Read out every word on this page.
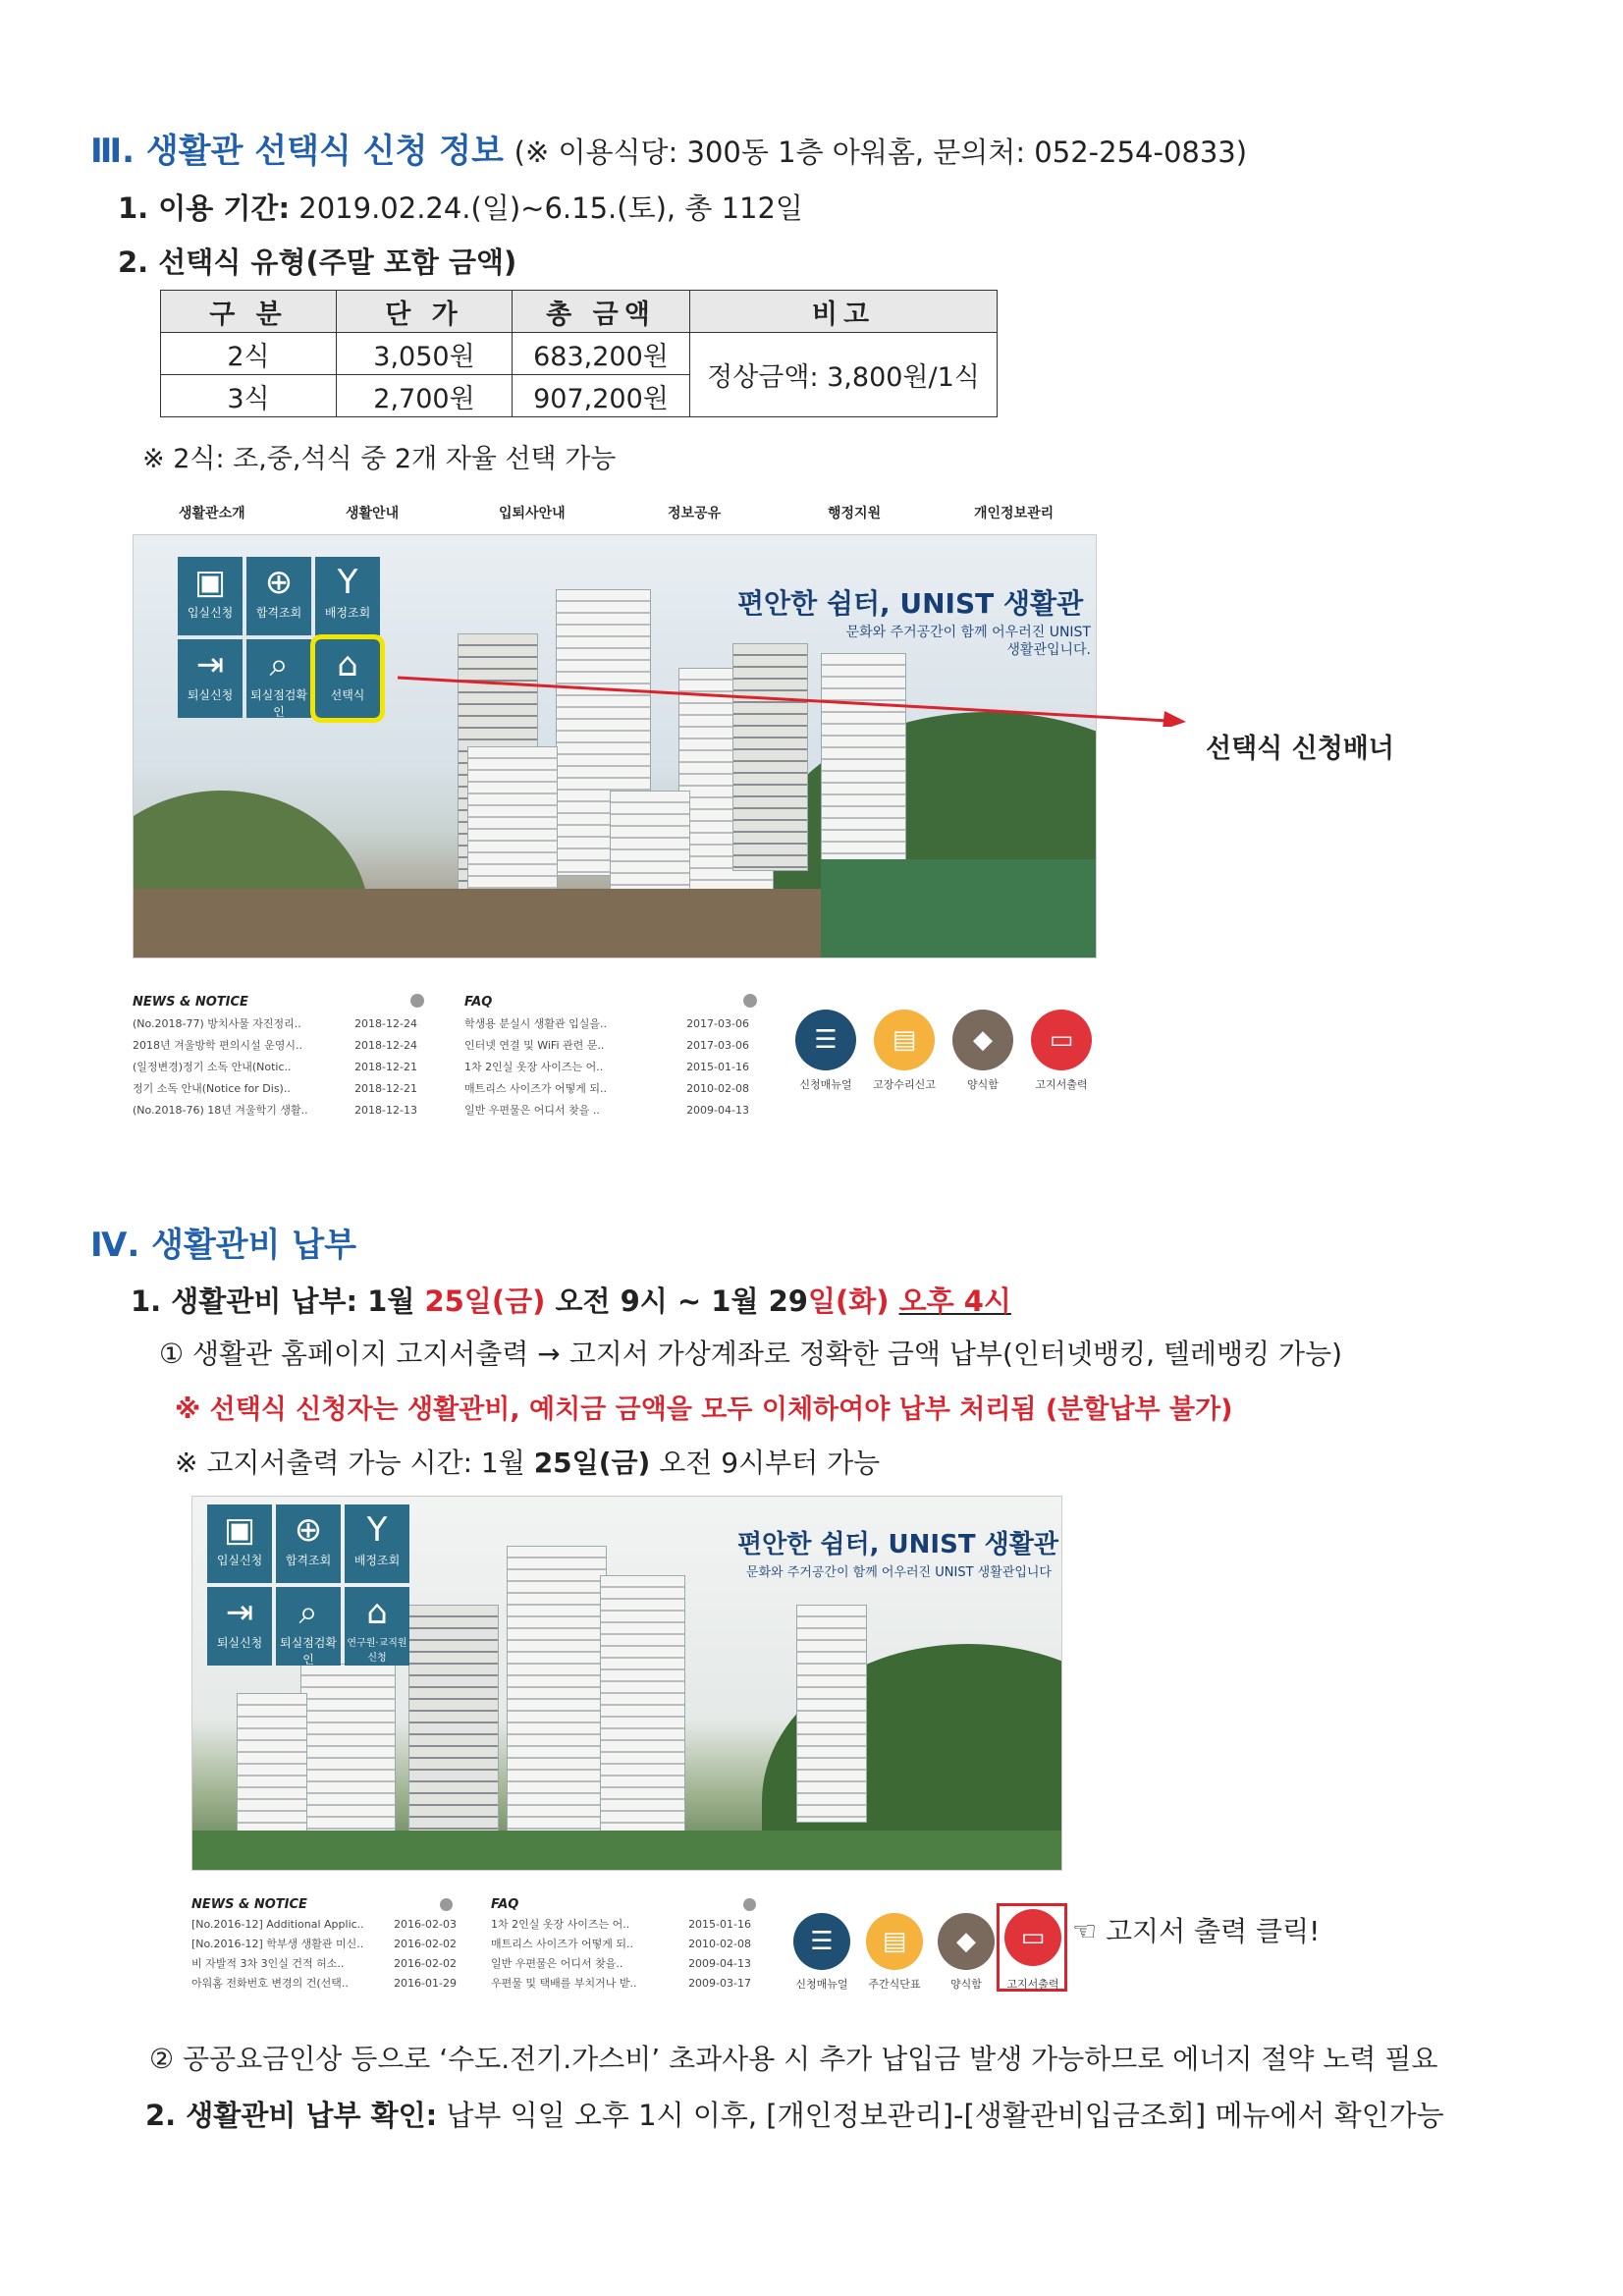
Ⅲ. 생활관 선택식 신청 정보 (※ 이용식당: 300동 1층 아워홈, 문의처: 052-254-0833)
1. 이용 기간: 2019.02.24.(일)~6.15.(토), 총 112일
2. 선택식 유형(주말 포함 금액)
구 분	단 가	총 금액	비고
2식	3,050원	683,200원	정상금액: 3,800원/1식
3식	2,700원	907,200원	
※ 2식: 조,중,석식 중 2개 자율 선택 가능
생활관소개	생활안내	입퇴사안내	정보공유	행정지원	개인정보관리
▣
입실신청
⊕
합격조회
Y
배정조회
⇥
퇴실신청
⌕
퇴실점검확인
⌂
선택식
편안한 쉼터, UNIST 생활관
문화와 주거공간이 함께 어우러진 UNIST
생활관입니다.
선택식 신청배너
NEWS & NOTICE
(No.2018-77) 방치사물 자진정리..	2018-12-24
2018년 겨울방학 편의시설 운영시..	2018-12-24
(일정변경)정기 소독 안내(Notic..	2018-12-21
정기 소독 안내(Notice for Dis)..	2018-12-21
(No.2018-76) 18년 겨울학기 생활..	2018-12-13
FAQ
학생용 분실시 생활관 입실을..	2017-03-06
인터넷 연결 및 WiFi 관련 문..	2017-03-06
1차 2인실 옷장 사이즈는 어..	2015-01-16
매트리스 사이즈가 어떻게 되..	2010-02-08
일반 우편물은 어디서 찾을 ..	2009-04-13
☰	▤	◆	▭
신청매뉴얼	고장수리신고	양식함	고지서출력
Ⅳ. 생활관비 납부
1. 생활관비 납부: 1월 25일(금) 오전 9시 ~ 1월 29일(화) 오후 4시
① 생활관 홈페이지 고지서출력 → 고지서 가상계좌로 정확한 금액 납부(인터넷뱅킹, 텔레뱅킹 가능)
※ 선택식 신청자는 생활관비, 예치금 금액을 모두 이체하여야 납부 처리됨 (분할납부 불가)
※ 고지서출력 가능 시간: 1월 25일(금) 오전 9시부터 가능
▣
입실신청
⊕
합격조회
Y
배정조회
⇥
퇴실신청
⌕
퇴실점검확인
⌂
연구원·교직원 신청
편안한 쉼터, UNIST 생활관
문화와 주거공간이 함께 어우러진 UNIST 생활관입니다
NEWS & NOTICE
[No.2016-12] Additional Applic..	2016-02-03
[No.2016-12] 학부생 생활관 미신..	2016-02-02
비 자발적 3차 3인실 건적 허소..	2016-02-02
아워홈 전화번호 변경의 건(선택..	2016-01-29
FAQ
1차 2인실 옷장 사이즈는 어..	2015-01-16
매트리스 사이즈가 어떻게 되..	2010-02-08
일반 우편물은 어디서 찾을..	2009-04-13
우편물 및 택배를 부치거나 받..	2009-03-17
☰	▤	◆	▭
신청매뉴얼	주간식단표	양식함	고지서출력
☜ 고지서 출력 클릭!
② 공공요금인상 등으로 ‘수도.전기.가스비’ 초과사용 시 추가 납입금 발생 가능하므로 에너지 절약 노력 필요
2. 생활관비 납부 확인: 납부 익일 오후 1시 이후, [개인정보관리]-[생활관비입금조회] 메뉴에서 확인가능
